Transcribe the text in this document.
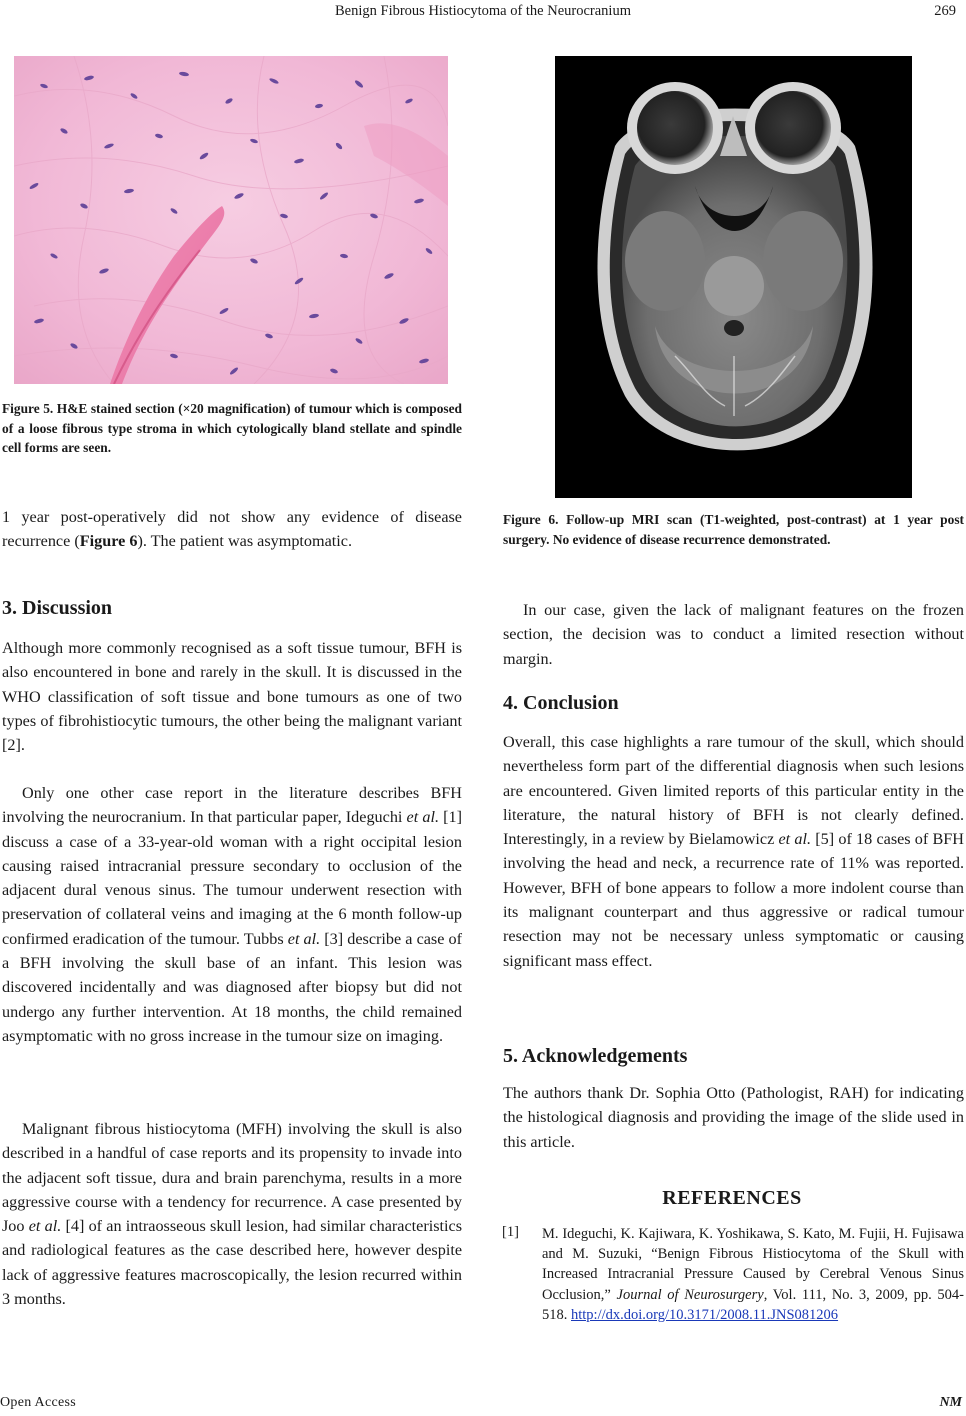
Benign Fibrous Histiocytoma of the Neurocranium	269
Figure 5. H&E stained section (×20 magnification) of tumour which is composed of a loose fibrous type stroma in which cytologically bland stellate and spindle cell forms are seen.
Figure 6. Follow-up MRI scan (T1-weighted, post-contrast) at 1 year post surgery. No evidence of disease recurrence demonstrated.

1 year post-operatively did not show any evidence of disease recurrence (Figure 6). The patient was asymptomatic.

3. Discussion

Although more commonly recognised as a soft tissue tumour, BFH is also encountered in bone and rarely in the skull. It is discussed in the WHO classification of soft tissue and bone tumours as one of two types of fibrohistiocytic tumours, the other being the malignant variant [2].

Only one other case report in the literature describes BFH involving the neurocranium. In that particular paper, Ideguchi et al. [1] discuss a case of a 33-year-old woman with a right occipital lesion causing raised intracranial pressure secondary to occlusion of the adjacent dural venous sinus. The tumour underwent resection with preservation of collateral veins and imaging at the 6 month follow-up confirmed eradication of the tumour. Tubbs et al. [3] describe a case of a BFH involving the skull base of an infant. This lesion was discovered incidentally and was diagnosed after biopsy but did not undergo any further intervention. At 18 months, the child remained asymptomatic with no gross increase in the tumour size on imaging.

Malignant fibrous histiocytoma (MFH) involving the skull is also described in a handful of case reports and its propensity to invade into the adjacent soft tissue, dura and brain parenchyma, results in a more aggressive course with a tendency for recurrence. A case presented by Joo et al. [4] of an intraosseous skull lesion, had similar characteristics and radiological features as the case described here, however despite lack of aggressive features macroscopically, the lesion recurred within 3 months.

In our case, given the lack of malignant features on the frozen section, the decision was to conduct a limited resection without margin.

4. Conclusion

Overall, this case highlights a rare tumour of the skull, which should nevertheless form part of the differential diagnosis when such lesions are encountered. Given limited reports of this particular entity in the literature, the natural history of BFH is not clearly defined. Interestingly, in a review by Bielamowicz et al. [5] of 18 cases of BFH involving the head and neck, a recurrence rate of 11% was reported. However, BFH of bone appears to follow a more indolent course than its malignant counterpart and thus aggressive or radical tumour resection may not be necessary unless symptomatic or causing significant mass effect.

5. Acknowledgements

The authors thank Dr. Sophia Otto (Pathologist, RAH) for indicating the histological diagnosis and providing the image of the slide used in this article.

REFERENCES
[1] M. Ideguchi, K. Kajiwara, K. Yoshikawa, S. Kato, M. Fujii, H. Fujisawa and M. Suzuki, “Benign Fibrous Histiocytoma of the Skull with Increased Intracranial Pressure Caused by Cerebral Venous Sinus Occlusion,” Journal of Neurosurgery, Vol. 111, No. 3, 2009, pp. 504-518. http://dx.doi.org/10.3171/2008.11.JNS081206

Open Access	NM
